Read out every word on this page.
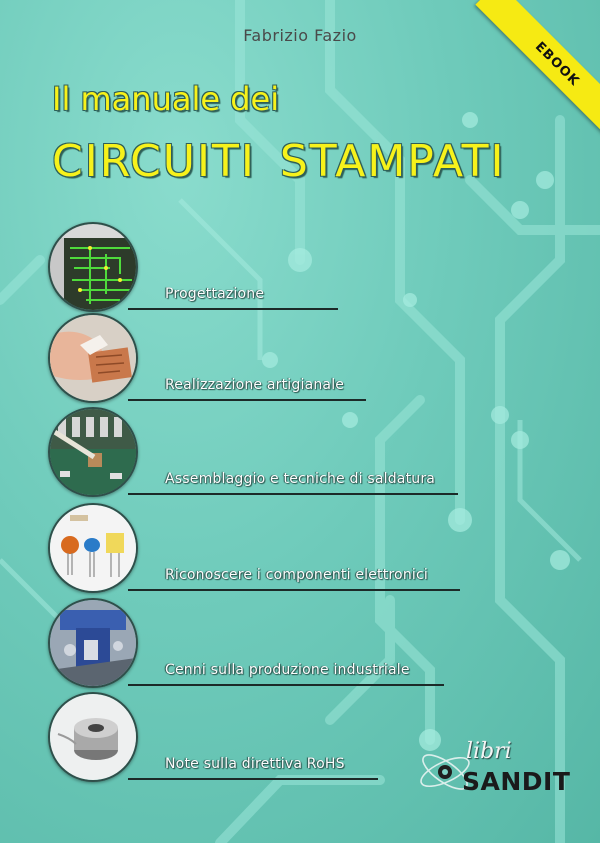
Fabrizio Fazio
Il manuale dei
CIRCUITI STAMPATI
EBOOK
Progettazione
Realizzazione artigianale
Assemblaggio e tecniche di saldatura
Riconoscere i componenti elettronici
Cenni sulla produzione industriale
Note sulla direttiva RoHS	libri
SANDIT
